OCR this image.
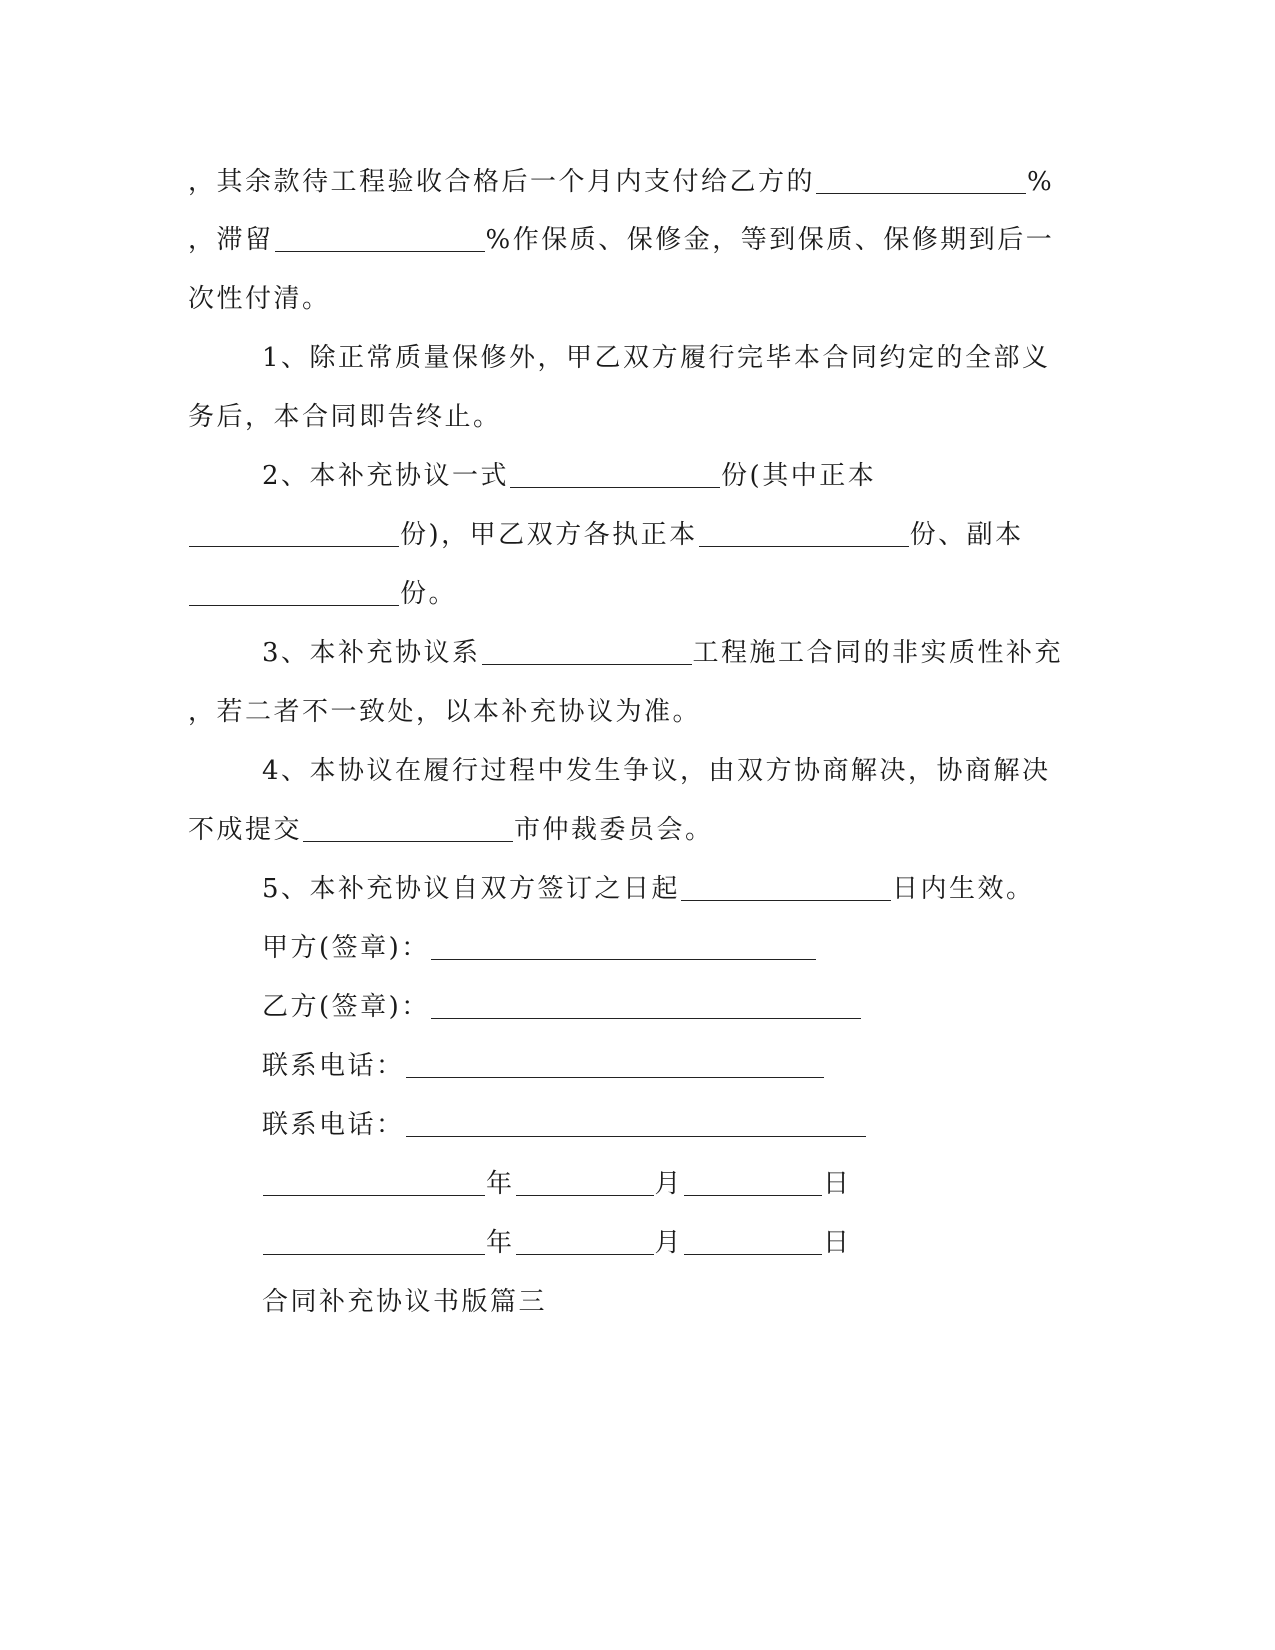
，其余款待工程验收合格后一个月内支付给乙方的	%
，滞留	%作保质、保修金，等到保质、保修期到后一
次性付清。
1、除正常质量保修外，甲乙双方履行完毕本合同约定的全部义
务后，本合同即告终止。
2、本补充协议一式	份(其中正本
份)，甲乙双方各执正本	份、副本
份。
3、本补充协议系	工程施工合同的非实质性补充
，若二者不一致处，以本补充协议为准。
4、本协议在履行过程中发生争议，由双方协商解决，协商解决
不成提交	市仲裁委员会。
5、本补充协议自双方签订之日起	日内生效。
甲方(签章)：
乙方(签章)：
联系电话：
联系电话：
年	月	日
年	月	日
合同补充协议书版篇三
